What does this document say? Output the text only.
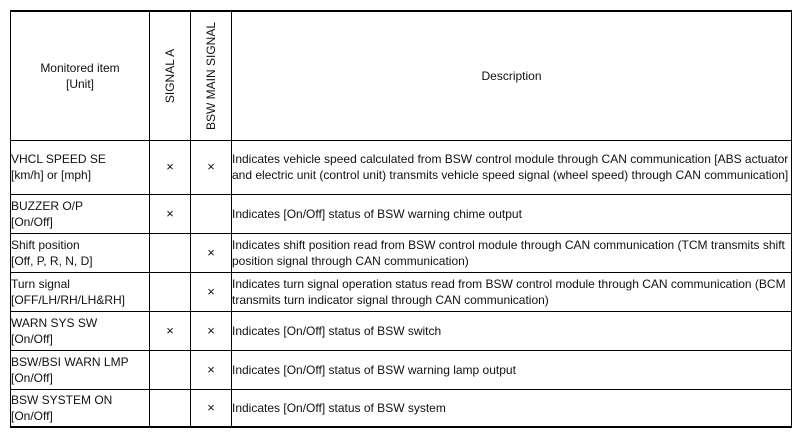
Monitored item
[Unit]	SIGNAL A	BSW MAIN SIGNAL	Description

VHCL SPEED SE
[km/h] or [mph]	×	×	Indicates vehicle speed calculated from BSW control module through CAN communication [ABS actuator and electric unit (control unit) transmits vehicle speed signal (wheel speed) through CAN communication]

BUZZER O/P
[On/Off]	×		Indicates [On/Off] status of BSW warning chime output

Shift position
[Off, P, R, N, D]		×	Indicates shift position read from BSW control module through CAN communication (TCM transmits shift position signal through CAN communication)

Turn signal
[OFF/LH/RH/LH&RH]		×	Indicates turn signal operation status read from BSW control module through CAN communication (BCM transmits turn indicator signal through CAN communication)

WARN SYS SW
[On/Off]	×	×	Indicates [On/Off] status of BSW switch

BSW/BSI WARN LMP
[On/Off]		×	Indicates [On/Off] status of BSW warning lamp output

BSW SYSTEM ON
[On/Off]		×	Indicates [On/Off] status of BSW system
